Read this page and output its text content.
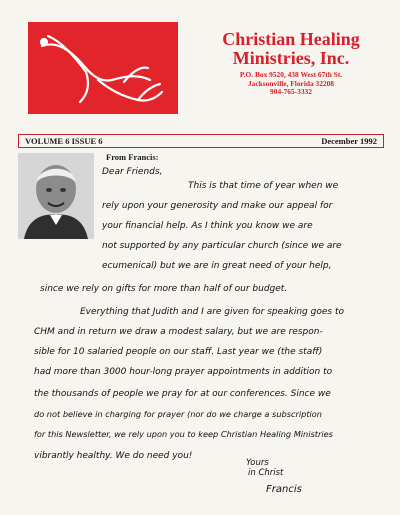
Christian Healing
Ministries, Inc.
P.O. Box 9520, 438 West 67th St.
Jacksonville, Florida 32208
904-765-3332
VOLUME 6 ISSUE 6	December 1992
From Francis:
Dear Friends,
This is that time of year when we
rely upon your generosity and make our appeal for
your financial help. As I think you know we are
not supported by any particular church (since we are
ecumenical) but we are in great need of your help,
since we rely on gifts for more than half of our budget.
Everything that Judith and I are given for speaking goes to
CHM and in return we draw a modest salary, but we are respon-
sible for 10 salaried people on our staff. Last year we (the staff)
had more than 3000 hour-long prayer appointments in addition to
the thousands of people we pray for at our conferences. Since we
do not believe in charging for prayer (nor do we charge a subscription
for this Newsletter, we rely upon you to keep Christian Healing Ministries
vibrantly healthy. We do need you!
Yours
in Christ
Francis
